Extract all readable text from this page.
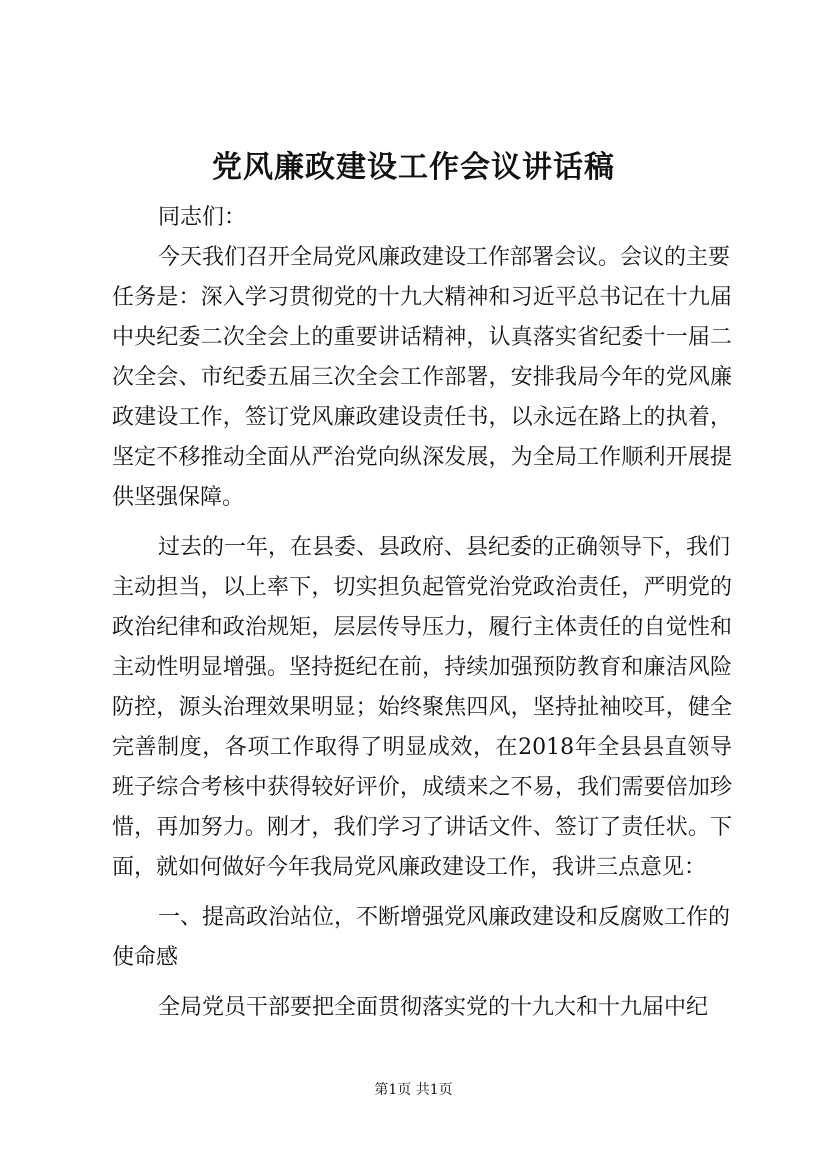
党风廉政建设工作会议讲话稿
同志们：
今天我们召开全局党风廉政建设工作部署会议。会议的主要
任务是：深入学习贯彻党的十九大精神和习近平总书记在十九届
中央纪委二次全会上的重要讲话精神，认真落实省纪委十一届二
次全会、市纪委五届三次全会工作部署，安排我局今年的党风廉
政建设工作，签订党风廉政建设责任书，以永远在路上的执着，
坚定不移推动全面从严治党向纵深发展，为全局工作顺利开展提
供坚强保障。
过去的一年，在县委、县政府、县纪委的正确领导下，我们
主动担当，以上率下，切实担负起管党治党政治责任，严明党的
政治纪律和政治规矩，层层传导压力，履行主体责任的自觉性和
主动性明显增强。坚持挺纪在前，持续加强预防教育和廉洁风险
防控，源头治理效果明显；始终聚焦四风，坚持扯袖咬耳，健全
完善制度，各项工作取得了明显成效，在2018年全县县直领导
班子综合考核中获得较好评价，成绩来之不易，我们需要倍加珍
惜，再加努力。刚才，我们学习了讲话文件、签订了责任状。下
面，就如何做好今年我局党风廉政建设工作，我讲三点意见：
一、提高政治站位，不断增强党风廉政建设和反腐败工作的
使命感
全局党员干部要把全面贯彻落实党的十九大和十九届中纪
第1页 共1页
